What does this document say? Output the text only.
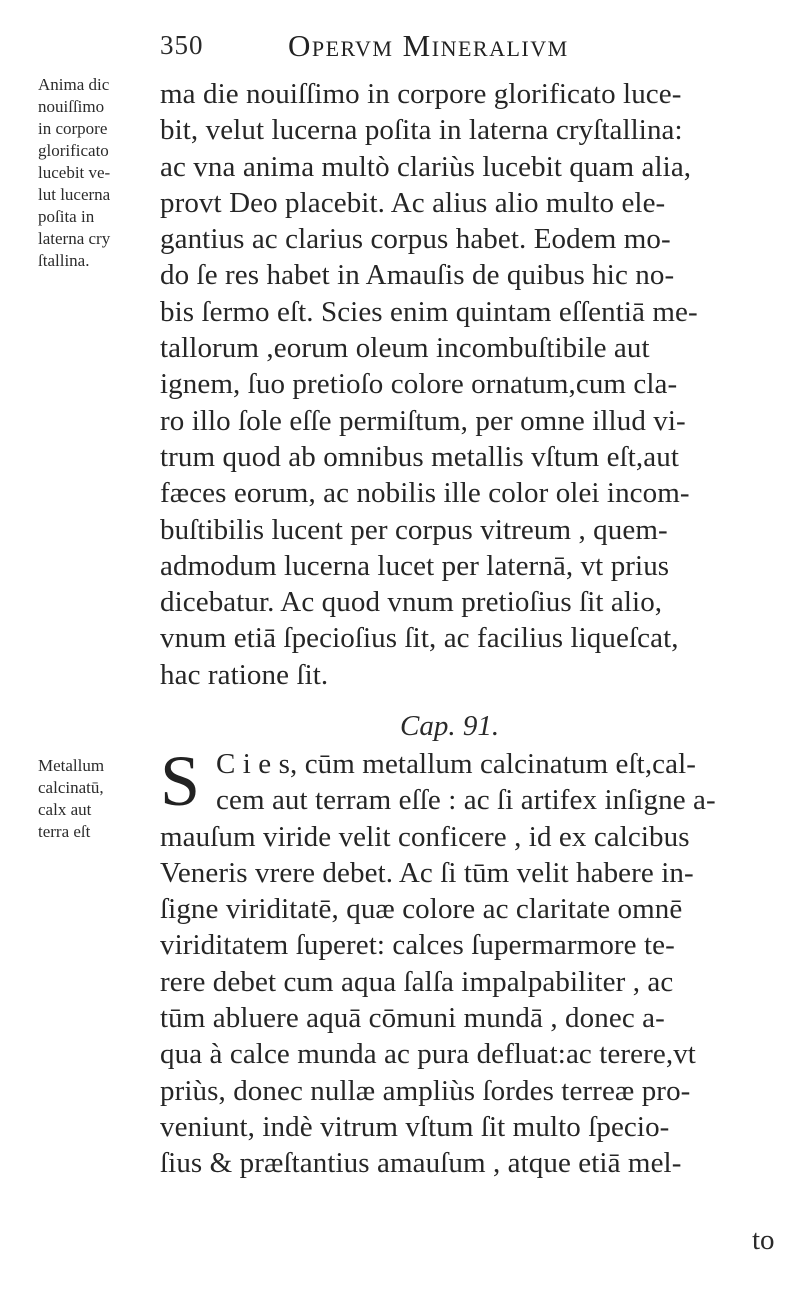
350	Opervm Mineralivm
Anima dic
nouiſſimo
in corpore
glorificato
lucebit ve-
lut lucerna
poſita in
laterna cry
ſtallina.
ma die nouiſſimo in corpore glorificato luce-
bit, velut lucerna poſita in laterna cryſtallina:
ac vna anima multò clariùs lucebit quam alia,
provt Deo placebit. Ac alius alio multo ele-
gantius ac clarius corpus habet. Eodem mo-
do ſe res habet in Amauſis de quibus hic no-
bis ſermo eſt. Scies enim quintam eſſentiā me-
tallorum ,eorum oleum incombuſtibile aut
ignem, ſuo pretioſo colore ornatum,cum cla-
ro illo ſole eſſe permiſtum, per omne illud vi-
trum quod ab omnibus metallis vſtum eſt,aut
fæces eorum, ac nobilis ille color olei incom-
buſtibilis lucent per corpus vitreum , quem-
admodum lucerna lucet per laternā, vt prius
dicebatur. Ac quod vnum pretioſius ſit alio,
vnum etiā ſpecioſius ſit, ac facilius liqueſcat,
hac ratione ſit.
Cap. 91.
Metallum
calcinatū,
calx aut
terra eſt
S C i e s, cūm metallum calcinatum eſt,cal-
cem aut terram eſſe : ac ſi artifex inſigne a-
mauſum viride velit conficere , id ex calcibus
Veneris vrere debet. Ac ſi tūm velit habere in-
ſigne viriditatē, quæ colore ac claritate omnē
viriditatem ſuperet: calces ſupermarmore te-
rere debet cum aqua ſalſa impalpabiliter , ac
tūm abluere aquā cōmuni mundā , donec a-
qua à calce munda ac pura defluat:ac terere,vt
priùs, donec nullæ ampliùs ſordes terreæ pro-
veniunt, indè vitrum vſtum ſit multo ſpecio-
ſius & præſtantius amauſum , atque etiā mel-
to
